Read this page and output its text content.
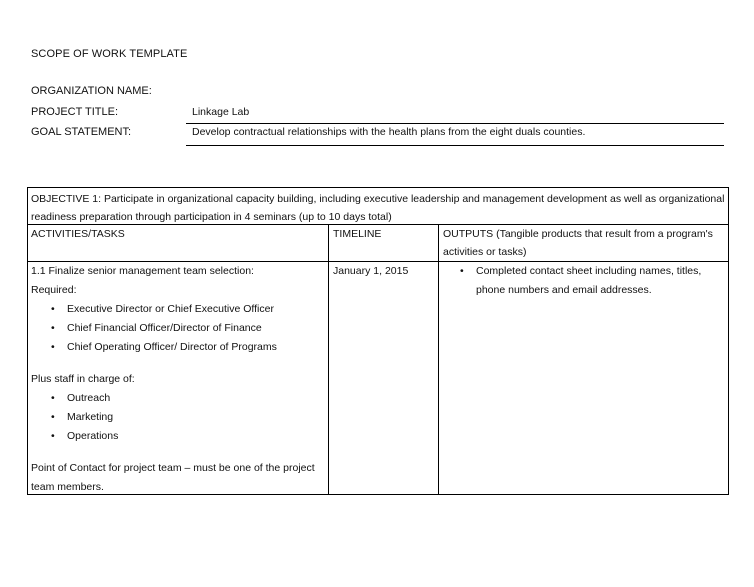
SCOPE OF WORK TEMPLATE
ORGANIZATION NAME:
PROJECT TITLE:	Linkage Lab
GOAL STATEMENT:	Develop contractual relationships with the health plans from the eight duals counties.
OBJECTIVE 1: Participate in organizational capacity building, including executive leadership and management development as well as organizational readiness preparation through participation in 4 seminars (up to 10 days total)
ACTIVITIES/TASKS	TIMELINE	OUTPUTS (Tangible products that result from a program's activities or tasks)
1.1 Finalize senior management team selection:
Required:
• Executive Director or Chief Executive Officer
• Chief Financial Officer/Director of Finance
• Chief Operating Officer/ Director of Programs
Plus staff in charge of:
• Outreach
• Marketing
• Operations
Point of Contact for project team – must be one of the project team members.
January 1, 2015
•	Completed contact sheet including names, titles, phone numbers and email addresses.
